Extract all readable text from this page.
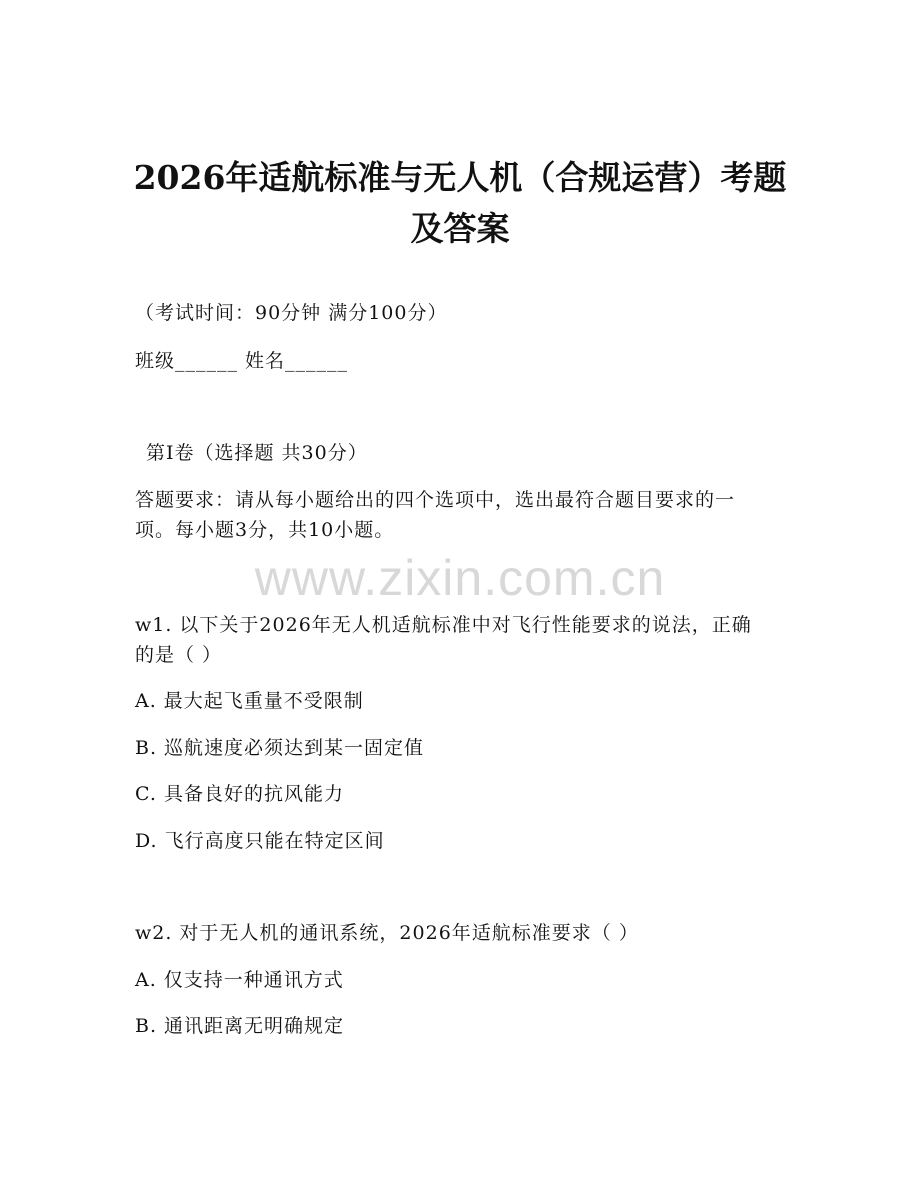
2026年适航标准与无人机（合规运营）考题
及答案
（考试时间：90分钟 满分100分）
班级______ 姓名______
第Ⅰ卷（选择题 共30分）
答题要求：请从每小题给出的四个选项中，选出最符合题目要求的一
项。每小题3分，共10小题。
www.zixin.com.cn
w1. 以下关于2026年无人机适航标准中对飞行性能要求的说法，正确
的是（ ）
A. 最大起飞重量不受限制
B. 巡航速度必须达到某一固定值
C. 具备良好的抗风能力
D. 飞行高度只能在特定区间
w2. 对于无人机的通讯系统，2026年适航标准要求（ ）
A. 仅支持一种通讯方式
B. 通讯距离无明确规定
